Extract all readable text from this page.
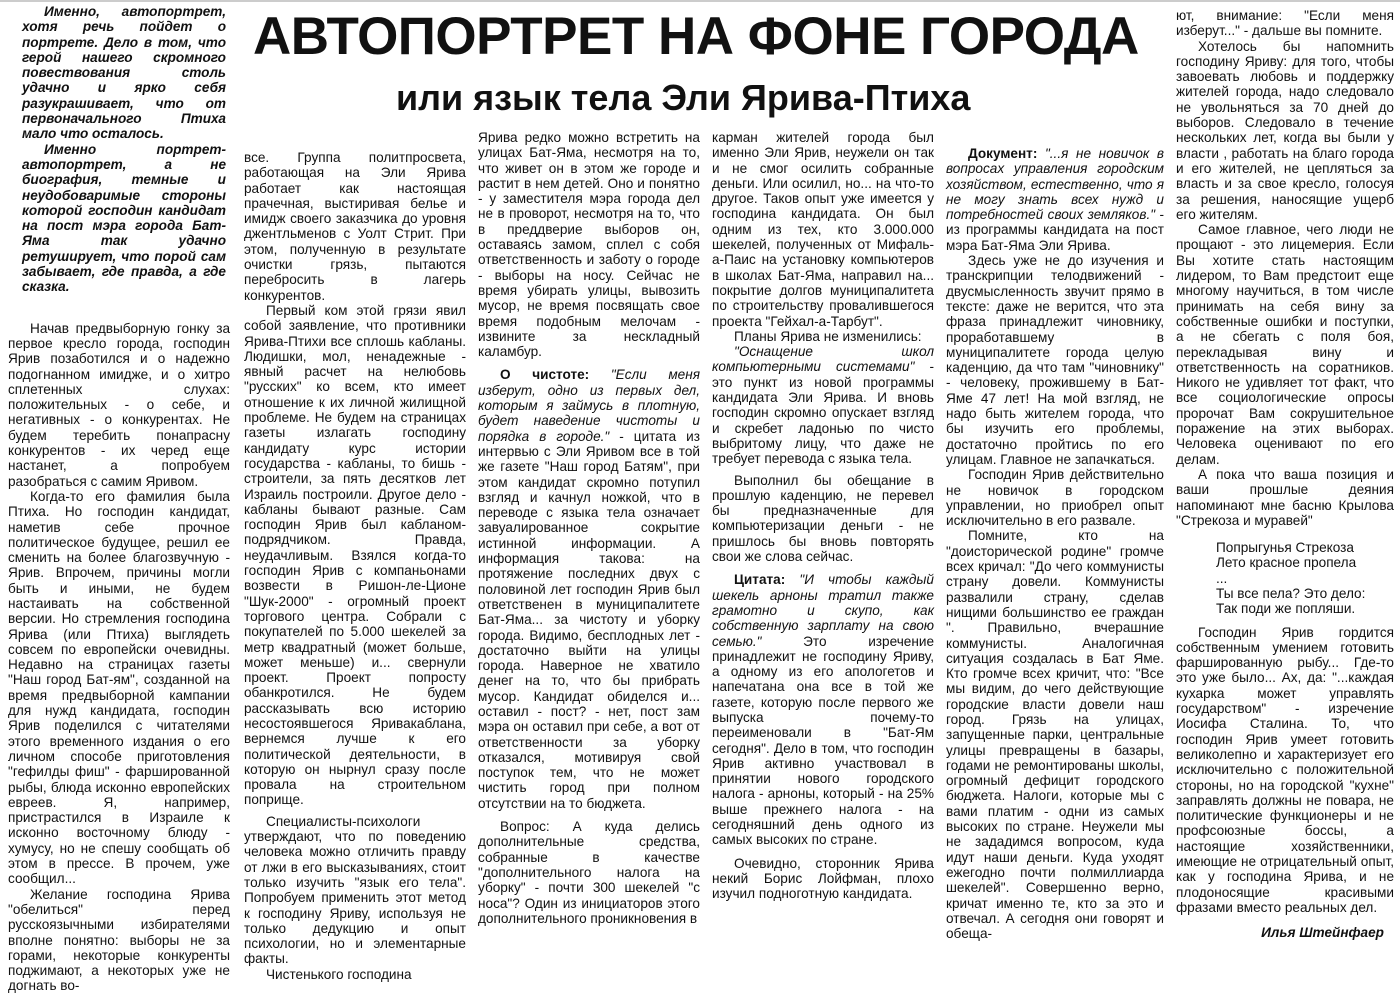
АВТОПОРТРЕТ НА ФОНЕ ГОРОДА
или язык тела Эли Ярива-Птиха

Именно, автопортрет, хотя речь пойдет о портрете. Дело в том, что герой нашего скромного повествования столь удачно и ярко себя разукрашивает, что от первоначального Птиха мало что осталось.

Именно портрет-автопортрет, а не биография, темные и неудобоваримые стороны которой господин кандидат на пост мэра города Бат-Яма так удачно ретуширует, что порой сам забывает, где правда, а где сказка.

Начав предвыборную гонку за первое кресло города, господин Ярив позаботился и о надежно подогнанном имидже, и о хитро сплетенных слухах: положительных - о себе, и негативных - о конкурентах. Не будем теребить понапрасну конкурентов - их черед еще настанет, а попробуем разобраться с самим Яривом.

Когда-то его фамилия была Птиха. Но господин кандидат, наметив себе прочное политическое будущее, решил ее сменить на более благозвучную - Ярив. Впрочем, причины могли быть и иными, не будем настаивать на собственной версии. Но стремления господина Ярива (или Птиха) выглядеть совсем по европейски очевидны. Недавно на страницах газеты "Наш город Бат-ям", созданной на время предвыборной кампании для нужд кандидата, господин Ярив поделился с читателями этого временного издания о его личном способе приготовления "гефилды фиш" - фаршированной рыбы, блюда исконно европейских евреев. Я, например, пристрастился в Израиле к исконно восточному блюду - хумусу, но не спешу сообщать об этом в прессе. В прочем, уже сообщил...

Желание господина Ярива "обелиться" перед русскоязычными избирателями вполне понятно: выборы не за горами, некоторые конкуренты поджимают, а некоторых уже не догнать во-

все. Группа политпросвета, работающая на Эли Ярива работает как настоящая прачечная, выстиривая белье и имидж своего заказчика до уровня джентльменов с Уолт Стрит. При этом, полученную в результате очистки грязь, пытаются перебросить в лагерь конкурентов.

Первый ком этой грязи явил собой заявление, что противники Ярива-Птихи все сплошь кабланы. Людишки, мол, ненадежные - явный расчет на нелюбовь "русских" ко всем, кто имеет отношение к их личной жилищной проблеме. Не будем на страницах газеты излагать господину кандидату курс истории государства - кабланы, то бишь - строители, за пять десятков лет Израиль построили. Другое дело - кабланы бывают разные. Сам господин Ярив был кабланом-подрядчиком. Правда, неудачливым. Взялся когда-то господин Ярив с компаньонами возвести в Ришон-ле-Ционе "Шук-2000" - огромный проект торгового центра. Собрали с покупателей по 5.000 шекелей за метр квадратный (может больше, может меньше) и... свернули проект. Проект попросту обанкротился. Не будем рассказывать всю историю несостоявшегося Яривакаблана, вернемся лучше к его политической деятельности, в которую он нырнул сразу после провала на строительном поприще.

Специалисты-психологи утверждают, что по поведению человека можно отличить правду от лжи в его высказываниях, стоит только изучить "язык его тела". Попробуем применить этот метод к господину Яриву, используя не только дедукцию и опыт психологии, но и элементарные факты.

Чистенького господина

Ярива редко можно встретить на улицах Бат-Яма, несмотря на то, что живет он в этом же городе и растит в нем детей. Оно и понятно - у заместителя мэра города дел не в проворот, несмотря на то, что в преддверие выборов он, оставаясь замом, сплел с собя ответственность и заботу о городе - выборы на носу. Сейчас не время убирать улицы, вывозить мусор, не время посвящать свое время подобным мелочам - извините за нескладный каламбур.

О чистоте: "Если меня изберут, одно из первых дел, которым я займусь в плотную, будет наведение чистоты и порядка в городе." - цитата из интервью с Эли Яривом все в той же газете "Наш город Батям", при этом кандидат скромно потупил взгляд и качнул ножкой, что в переводе с языка тела означает завуалированное сокрытие истинной информации. А информация такова: на протяжение последних двух с половиной лет господин Ярив был ответственен в муниципалитете Бат-Яма... за чистоту и уборку города. Видимо, бесплодных лет - достаточно выйти на улицы города. Наверное не хватило денег на то, что бы прибрать мусор. Кандидат обиделся и... оставил - пост? - нет, пост зам мэра он оставил при себе, а вот от ответственности за уборку отказался, мотивируя свой поступок тем, что не может чистить город при полном отсутствии на то бюджета.

Вопрос: А куда делись дополнительные средства, собранные в качестве "дополнительного налога на уборку" - почти 300 шекелей "с носа"? Один из инициаторов этого дополнительного проникновения в

карман жителей города был именно Эли Ярив, неужели он так и не смог осилить собранные деньги. Или осилил, но... на что-то другое. Таков опыт уже имеется у господина кандидата. Он был одним из тех, кто 3.000.000 шекелей, полученных от Мифаль-а-Паис на установку компьютеров в школах Бат-Яма, направил на... покрытие долгов муниципалитета по строительству провалившегося проекта "Гейхал-а-Тарбут".

Планы Ярива не изменились:

"Оснащение школ компьютерными системами" - это пункт из новой программы кандидата Эли Ярива. И вновь господин скромно опускает взгляд и скребет ладонью по чисто выбритому лицу, что даже не требует перевода с языка тела.

Выполнил бы обещание в прошлую каденцию, не перевел бы предназначенные для компьютеризации деньги - не пришлось бы вновь повторять свои же слова сейчас.

Цитата: "И чтобы каждый шекель арноны тратил также грамотно и скупо, как собственную зарплату на свою семью."	Это изречение принадлежит не господину Яриву, а одному из его апологетов и напечатана она все в той же газете, которую после первого же выпуска почему-то переименовали в "Бат-Ям сегодня". Дело в том, что господин Ярив активно участвовал в принятии нового городского налога - арноны, который - на 25% выше прежнего налога - на сегодняшний день одного из самых высоких по стране.

Очевидно, сторонник Ярива некий Борис Лойфман, плохо изучил подноготную кандидата.

Документ: "...я не новичок в вопросах управления городским хозяйством, естественно, что я не могу знать всех нужд и потребностей своих земляков." - из программы кандидата на пост мэра Бат-Яма Эли Ярива.

Здесь уже не до изучения и транскрипции телодвижений - двусмысленность звучит прямо в тексте: даже не верится, что эта фраза принадлежит чиновнику, проработавшему в муниципалитете города целую каденцию, да что там "чиновнику" - человеку, прожившему в Бат-Яме 47 лет! На мой взгляд, не надо быть жителем города, что бы изучить его проблемы, достаточно пройтись по его улицам. Главное не запачкаться.

Господин Ярив действительно не новичок в городском управлении, но приобрел опыт исключительно в его развале.

Помните, кто на "доисторической родине" громче всех кричал: "До чего коммунисты страну довели. Коммунисты развалили страну, сделав нищими большинство ее граждан ". Правильно, вчерашние коммунисты. Аналогичная ситуация создалась в Бат Яме. Кто громче всех кричит, что: "Все мы видим, до чего действующие городские власти довели наш город. Грязь на улицах, запущенные парки, центральные улицы превращены в базары, годами не ремонтированы школы, огромный дефицит городского бюджета. Налоги, которые мы с вами платим - одни из самых высоких по стране. Неужели мы не зададимся вопросом, куда идут наши деньги. Куда уходят ежегодно почти полмиллиарда шекелей". Совершенно верно, кричат именно те, кто за это и отвечал. А сегодня они говорят и обеща-

ют, внимание: "Если меня изберут..." - дальше вы помните.

Хотелось бы напомнить господину Яриву: для того, чтобы завоевать любовь и поддержку жителей города, надо следовало не увольняться за 70 дней до выборов. Следовало в течение нескольких лет, когда вы были у власти , работать на благо города и его жителей, не цепляться за власть и за свое кресло, голосуя за решения, наносящие ущерб его жителям.

Самое главное, чего люди не прощают - это лицемерия. Если Вы хотите стать настоящим лидером, то Вам предстоит еще многому научиться, в том числе принимать на себя вину за собственные ошибки и поступки, а не сбегать с поля боя, перекладывая вину и ответственность на соратников. Никого не удивляет тот факт, что все социологические опросы пророчат Вам сокрушительное поражение на этих выборах. Человека оценивают по его делам.

А пока что ваша позиция и ваши прошлые деяния напоминают мне басню Крылова "Стрекоза и муравей"

Попрыгунья Стрекоза
Лето красное пропела
...
Ты все пела? Это дело:
Так поди же попляши.

Господин Ярив гордится собственным умением готовить фаршированную рыбу... Где-то это уже было... Ах, да: "...каждая кухарка может управлять государством" - изречение Иосифа Сталина. То, что господин Ярив умеет готовить великолепно и характеризует его исключительно с положительной стороны, но на городской "кухне" заправлять должны не повара, не политические функционеры и не профсоюзные боссы, а настоящие хозяйственники, имеющие не отрицательный опыт, как у господина Ярива, и не плодоносящие красивыми фразами вместо реальных дел.

Илья Штейнфаер
